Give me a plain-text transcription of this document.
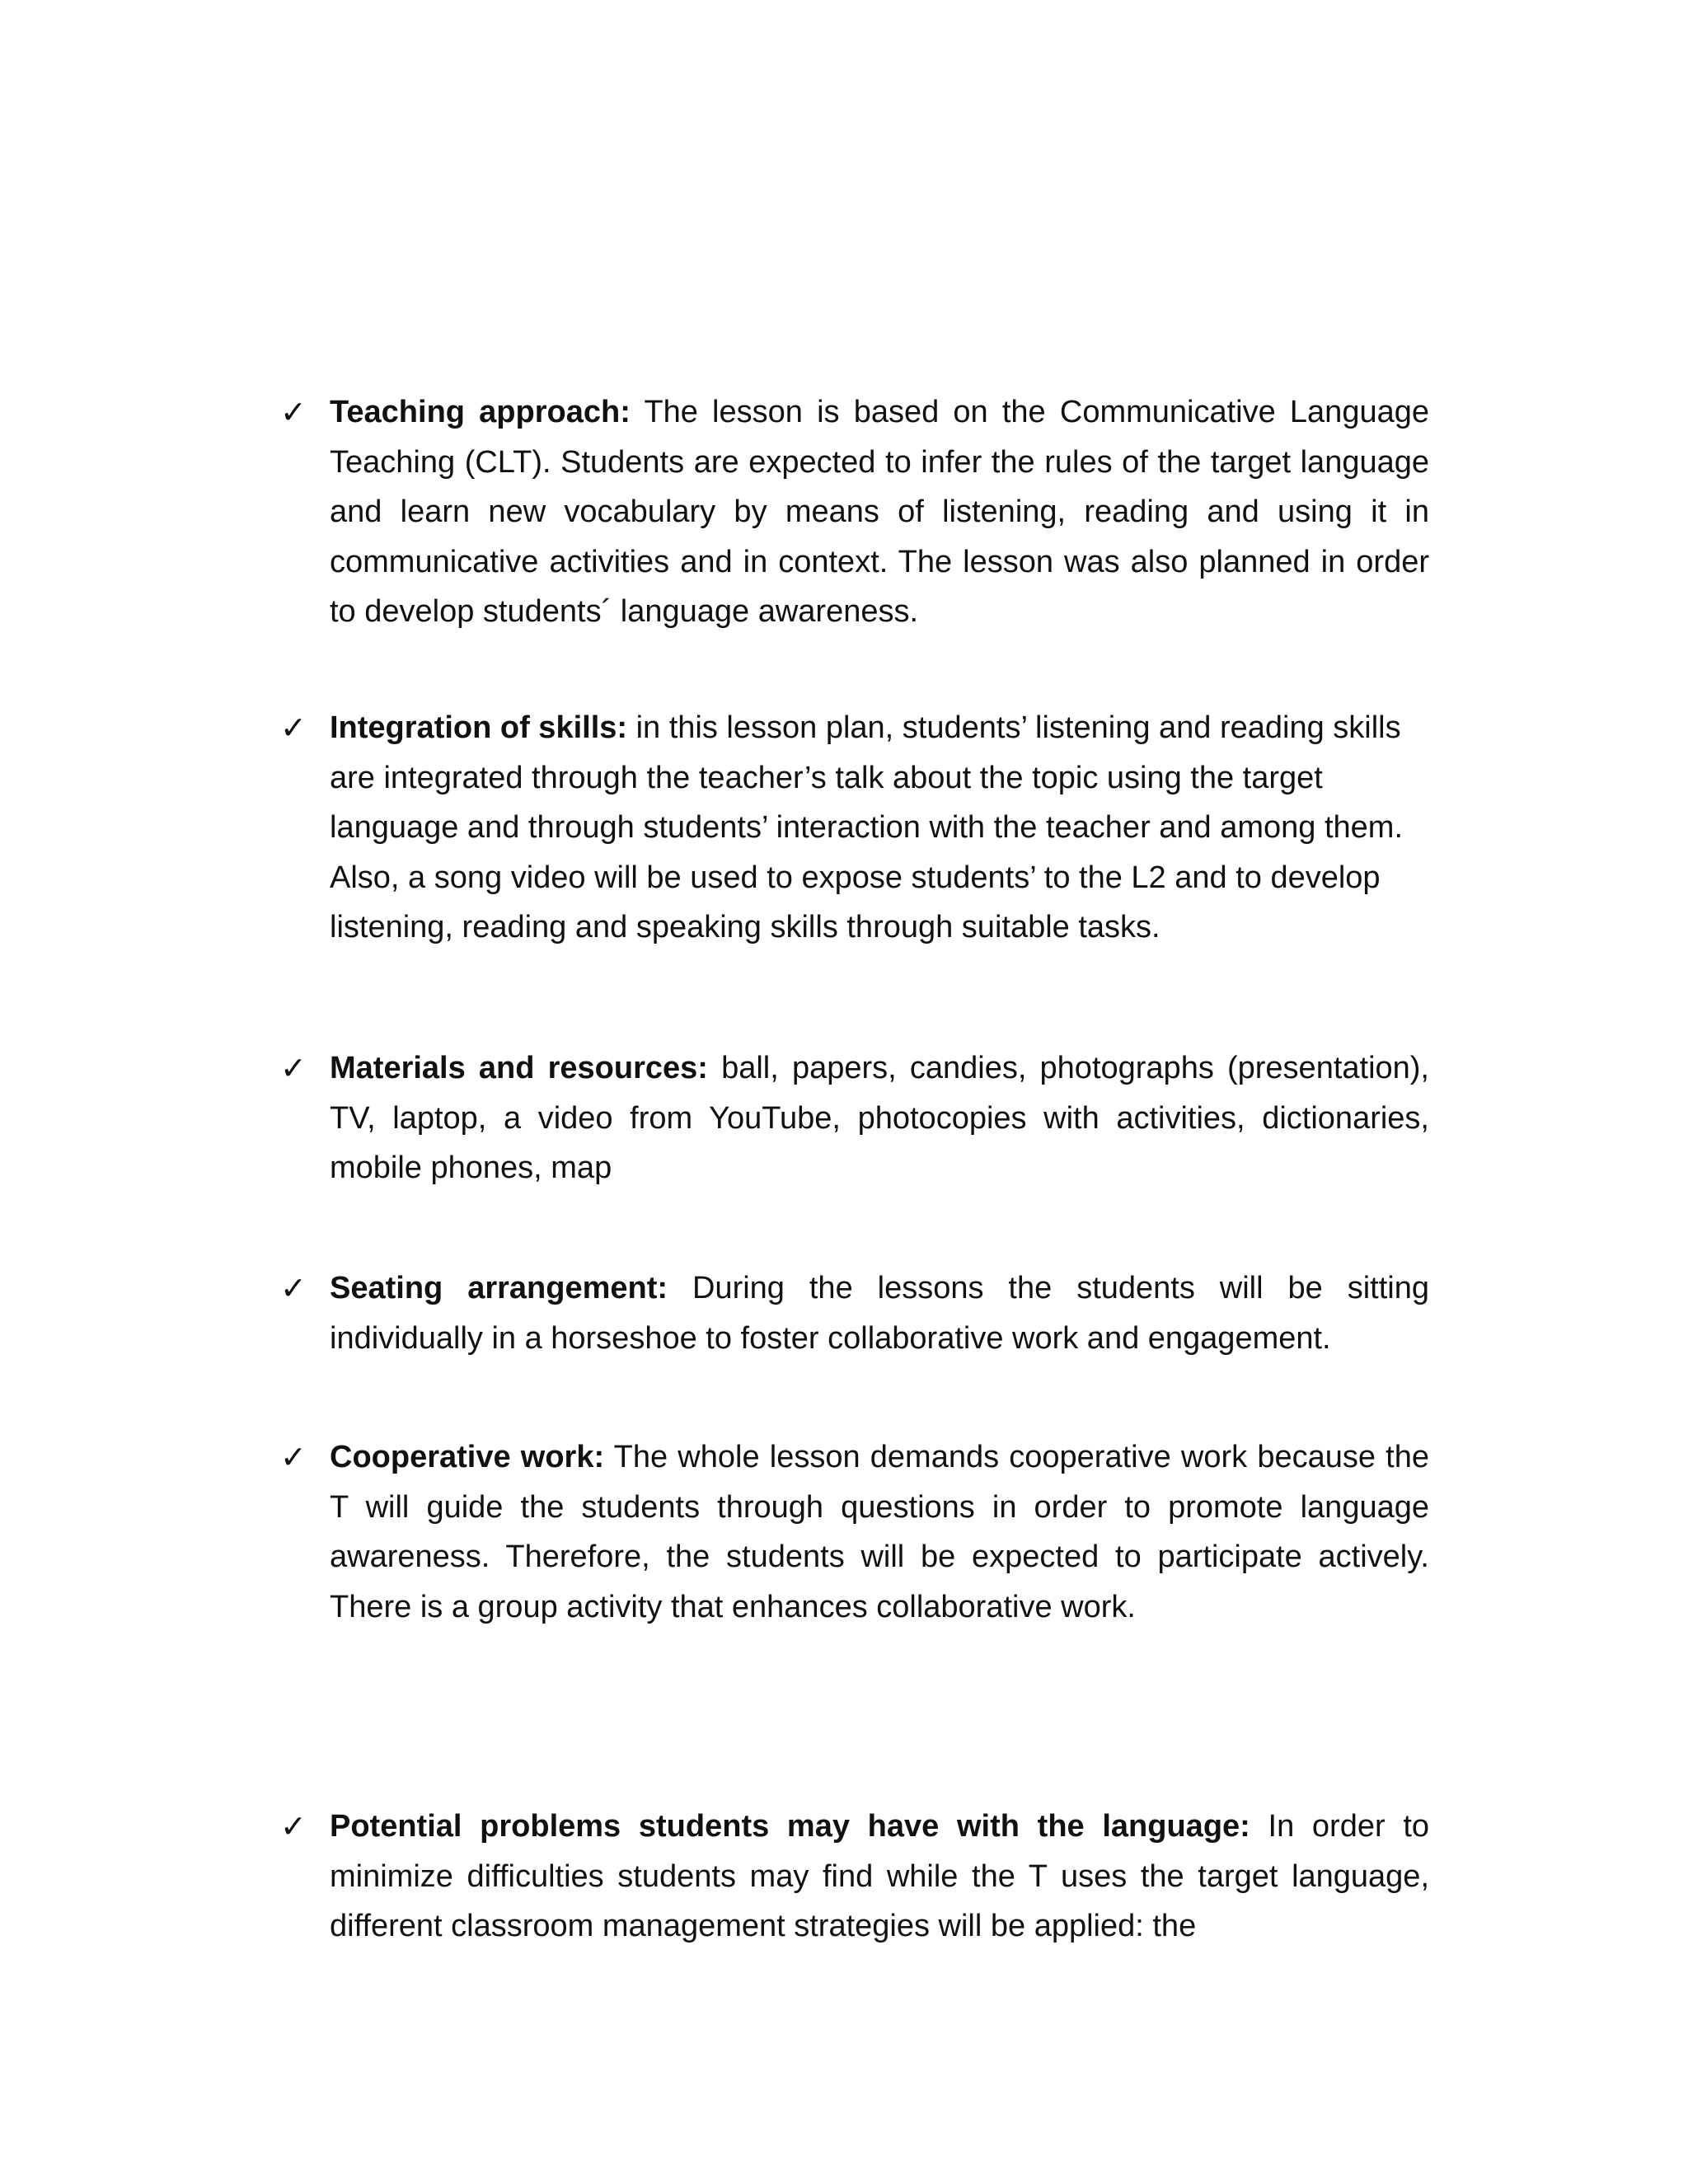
✓ Teaching approach: The lesson is based on the Communicative Language Teaching (CLT). Students are expected to infer the rules of the target language and learn new vocabulary by means of listening, reading and using it in communicative activities and in context. The lesson was also planned in order to develop students´ language awareness.

✓ Integration of skills: in this lesson plan, students’ listening and reading skills are integrated through the teacher’s talk about the topic using the target language and through students’ interaction with the teacher and among them. Also, a song video will be used to expose students’ to the L2 and to develop listening, reading and speaking skills through suitable tasks.

✓ Materials and resources: ball, papers, candies, photographs (presentation), TV, laptop, a video from YouTube, photocopies with activities, dictionaries, mobile phones, map

✓ Seating arrangement: During the lessons the students will be sitting individually in a horseshoe to foster collaborative work and engagement.

✓ Cooperative work: The whole lesson demands cooperative work because the T will guide the students through questions in order to promote language awareness. Therefore, the students will be expected to participate actively. There is a group activity that enhances collaborative work.

✓ Potential problems students may have with the language: In order to minimize difficulties students may find while the T uses the target language, different classroom management strategies will be applied: the
